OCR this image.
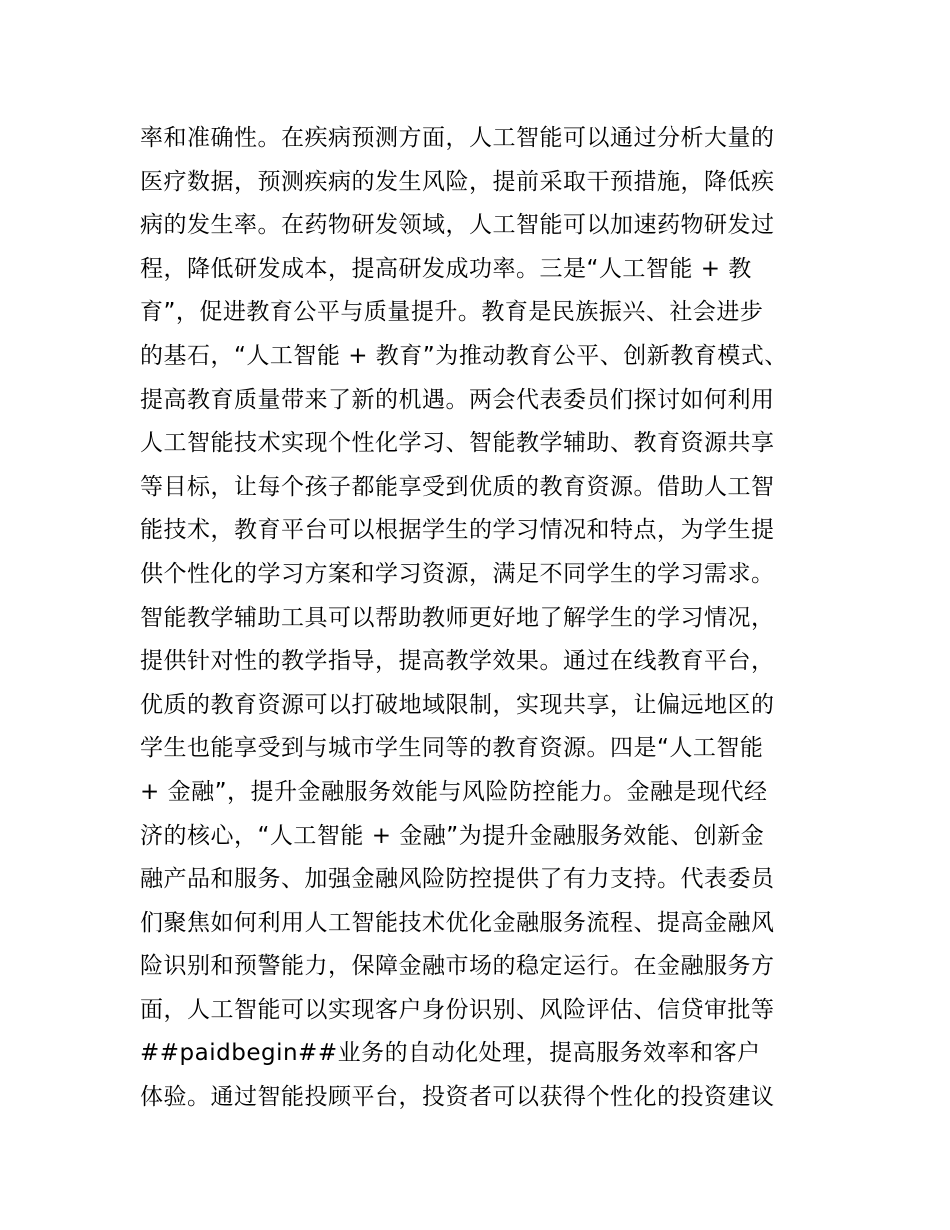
率和准确性。在疾病预测方面，人工智能可以通过分析大量的
医疗数据，预测疾病的发生风险，提前采取干预措施，降低疾
病的发生率。在药物研发领域，人工智能可以加速药物研发过
程，降低研发成本，提高研发成功率。三是“人工智能 + 教
育”，促进教育公平与质量提升。教育是民族振兴、社会进步
的基石，“人工智能 + 教育”为推动教育公平、创新教育模式、
提高教育质量带来了新的机遇。两会代表委员们探讨如何利用
人工智能技术实现个性化学习、智能教学辅助、教育资源共享
等目标，让每个孩子都能享受到优质的教育资源。借助人工智
能技术，教育平台可以根据学生的学习情况和特点，为学生提
供个性化的学习方案和学习资源，满足不同学生的学习需求。
智能教学辅助工具可以帮助教师更好地了解学生的学习情况，
提供针对性的教学指导，提高教学效果。通过在线教育平台，
优质的教育资源可以打破地域限制，实现共享，让偏远地区的
学生也能享受到与城市学生同等的教育资源。四是“人工智能
+ 金融”，提升金融服务效能与风险防控能力。金融是现代经
济的核心，“人工智能 + 金融”为提升金融服务效能、创新金
融产品和服务、加强金融风险防控提供了有力支持。代表委员
们聚焦如何利用人工智能技术优化金融服务流程、提高金融风
险识别和预警能力，保障金融市场的稳定运行。在金融服务方
面，人工智能可以实现客户身份识别、风险评估、信贷审批等
##paidbegin##业务的自动化处理，提高服务效率和客户
体验。通过智能投顾平台，投资者可以获得个性化的投资建议
